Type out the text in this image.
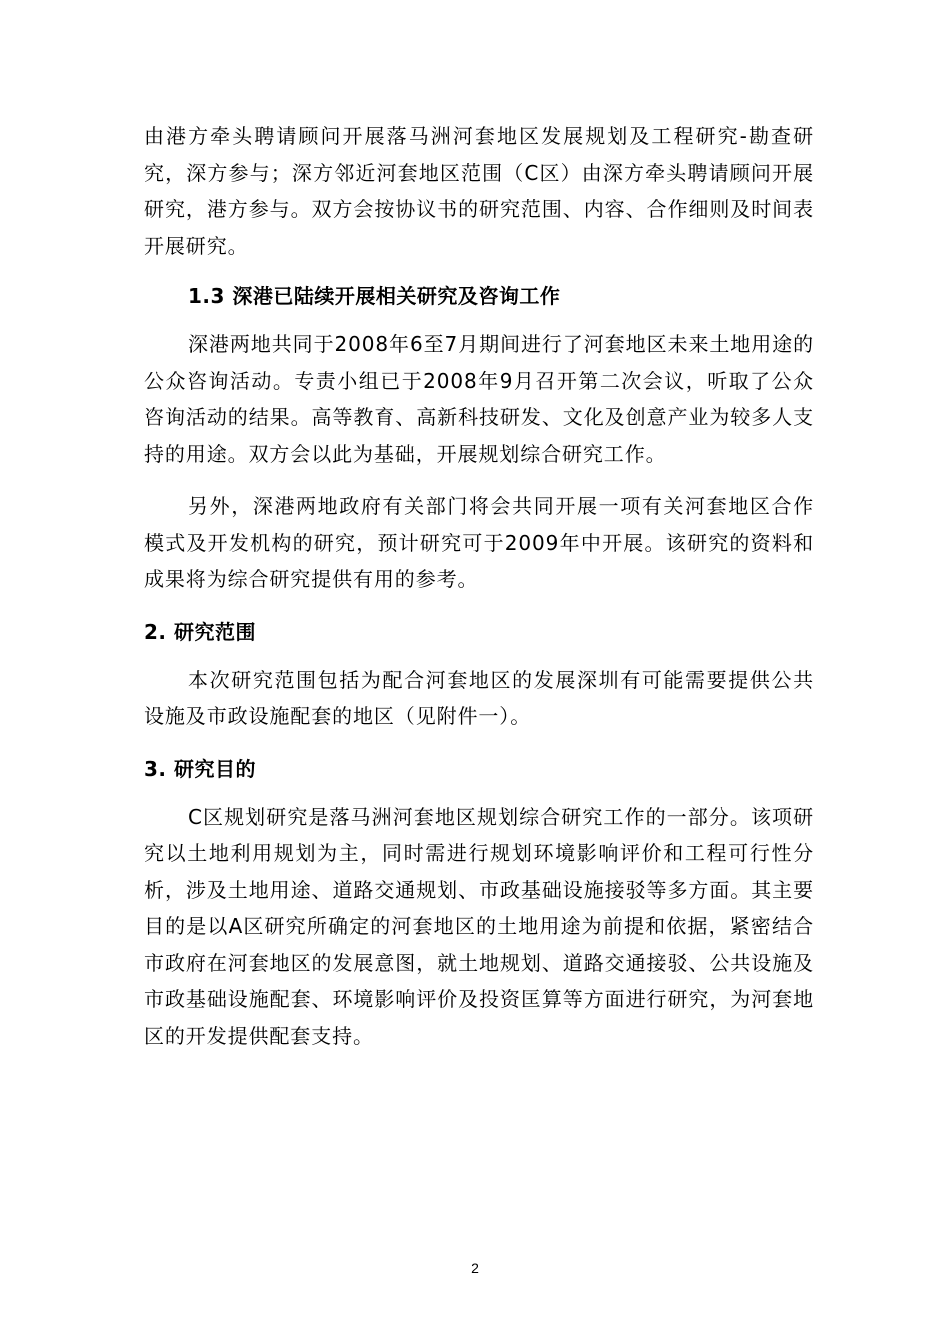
由港方牵头聘请顾问开展落马洲河套地区发展规划及工程研究-勘查研究，深方参与；深方邻近河套地区范围（C区）由深方牵头聘请顾问开展研究，港方参与。双方会按协议书的研究范围、内容、合作细则及时间表开展研究。

1.3 深港已陆续开展相关研究及咨询工作

深港两地共同于2008年6至7月期间进行了河套地区未来土地用途的公众咨询活动。专责小组已于2008年9月召开第二次会议，听取了公众咨询活动的结果。高等教育、高新科技研发、文化及创意产业为较多人支持的用途。双方会以此为基础，开展规划综合研究工作。

另外，深港两地政府有关部门将会共同开展一项有关河套地区合作模式及开发机构的研究，预计研究可于2009年中开展。该研究的资料和成果将为综合研究提供有用的参考。

2. 研究范围

本次研究范围包括为配合河套地区的发展深圳有可能需要提供公共设施及市政设施配套的地区（见附件一）。

3. 研究目的

C区规划研究是落马洲河套地区规划综合研究工作的一部分。该项研究以土地利用规划为主，同时需进行规划环境影响评价和工程可行性分析，涉及土地用途、道路交通规划、市政基础设施接驳等多方面。其主要目的是以A区研究所确定的河套地区的土地用途为前提和依据，紧密结合市政府在河套地区的发展意图，就土地规划、道路交通接驳、公共设施及市政基础设施配套、环境影响评价及投资匡算等方面进行研究，为河套地区的开发提供配套支持。

2
